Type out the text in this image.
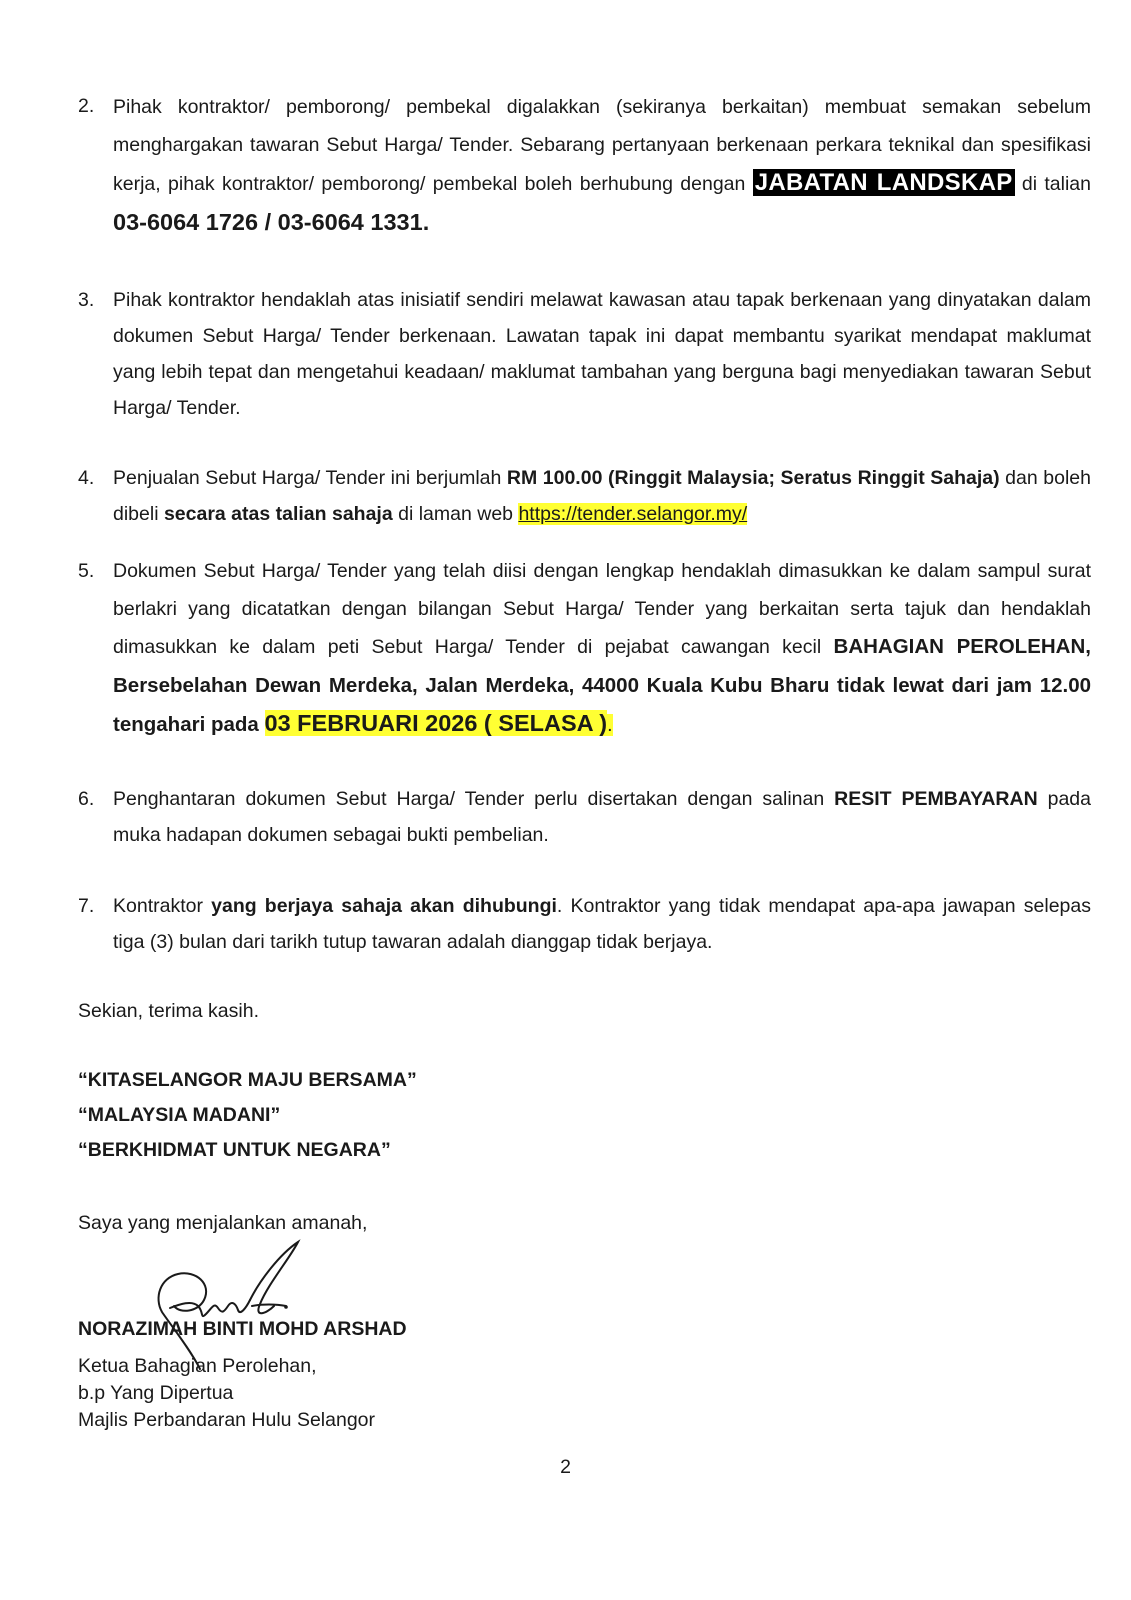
2. Pihak kontraktor/ pemborong/ pembekal digalakkan (sekiranya berkaitan) membuat semakan sebelum menghargakan tawaran Sebut Harga/ Tender. Sebarang pertanyaan berkenaan perkara teknikal dan spesifikasi kerja, pihak kontraktor/ pemborong/ pembekal boleh berhubung dengan JABATAN LANDSKAP di talian 03-6064 1726 / 03-6064 1331.
3. Pihak kontraktor hendaklah atas inisiatif sendiri melawat kawasan atau tapak berkenaan yang dinyatakan dalam dokumen Sebut Harga/ Tender berkenaan. Lawatan tapak ini dapat membantu syarikat mendapat maklumat yang lebih tepat dan mengetahui keadaan/ maklumat tambahan yang berguna bagi menyediakan tawaran Sebut Harga/ Tender.
4. Penjualan Sebut Harga/ Tender ini berjumlah RM 100.00 (Ringgit Malaysia; Seratus Ringgit Sahaja) dan boleh dibeli secara atas talian sahaja di laman web https://tender.selangor.my/
5. Dokumen Sebut Harga/ Tender yang telah diisi dengan lengkap hendaklah dimasukkan ke dalam sampul surat berlakri yang dicatatkan dengan bilangan Sebut Harga/ Tender yang berkaitan serta tajuk dan hendaklah dimasukkan ke dalam peti Sebut Harga/ Tender di pejabat cawangan kecil BAHAGIAN PEROLEHAN, Bersebelahan Dewan Merdeka, Jalan Merdeka, 44000 Kuala Kubu Bharu tidak lewat dari jam 12.00 tengahari pada 03 FEBRUARI 2026 ( SELASA ).
6. Penghantaran dokumen Sebut Harga/ Tender perlu disertakan dengan salinan RESIT PEMBAYARAN pada muka hadapan dokumen sebagai bukti pembelian.
7. Kontraktor yang berjaya sahaja akan dihubungi. Kontraktor yang tidak mendapat apa-apa jawapan selepas tiga (3) bulan dari tarikh tutup tawaran adalah dianggap tidak berjaya.
Sekian, terima kasih.
“KITASELANGOR MAJU BERSAMA”
“MALAYSIA MADANI”
“BERKHIDMAT UNTUK NEGARA”
Saya yang menjalankan amanah,
NORAZIMAH BINTI MOHD ARSHAD
Ketua Bahagian Perolehan,
b.p Yang Dipertua
Majlis Perbandaran Hulu Selangor
2
